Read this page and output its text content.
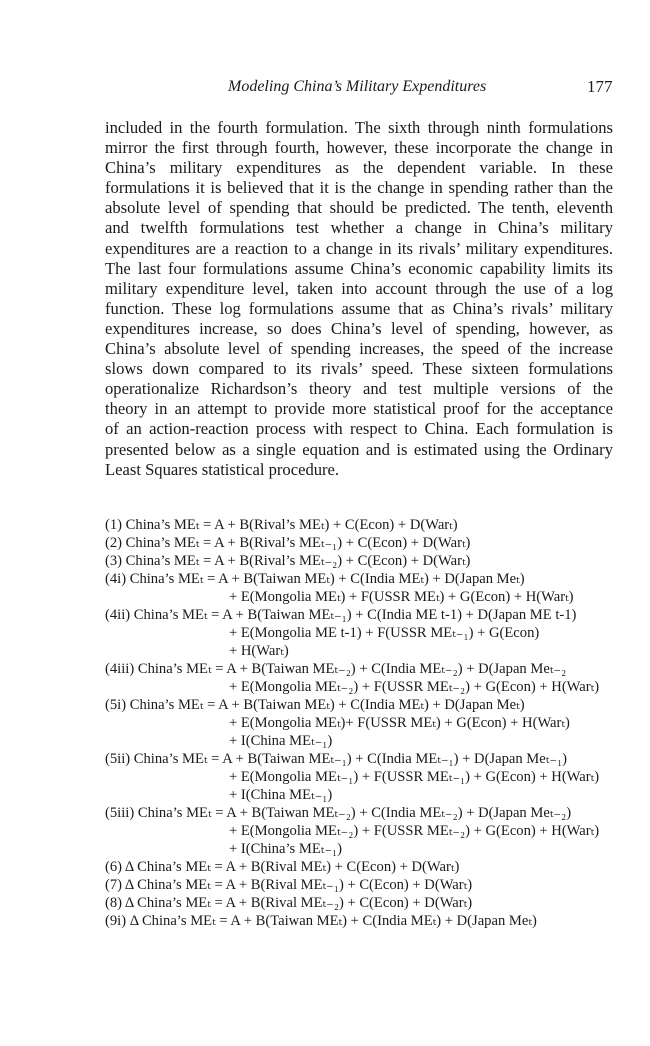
Modeling China’s Military Expenditures	177
included in the fourth formulation. The sixth through ninth formulations
mirror the first through fourth, however, these incorporate the change in
China’s military expenditures as the dependent variable. In these
formulations it is believed that it is the change in spending rather than the
absolute level of spending that should be predicted. The tenth, eleventh
and twelfth formulations test whether a change in China’s military
expenditures are a reaction to a change in its rivals’ military expenditures.
The last four formulations assume China’s economic capability limits its
military expenditure level, taken into account through the use of a log
function. These log formulations assume that as China’s rivals’ military
expenditures increase, so does China’s level of spending, however, as
China’s absolute level of spending increases, the speed of the increase
slows down compared to its rivals’ speed. These sixteen formulations
operationalize Richardson’s theory and test multiple versions of the
theory in an attempt to provide more statistical proof for the acceptance
of an action-reaction process with respect to China. Each formulation is
presented below as a single equation and is estimated using the Ordinary
Least Squares statistical procedure.
(1) China’s MEₜ = A + B(Rival’s MEₜ) + C(Econ) + D(Warₜ)
(2) China’s MEₜ = A + B(Rival’s MEₜ₋₁) + C(Econ) + D(Warₜ)
(3) China’s MEₜ = A + B(Rival’s MEₜ₋₂) + C(Econ) + D(Warₜ)
(4i) China’s MEₜ = A + B(Taiwan MEₜ) + C(India MEₜ) + D(Japan Meₜ)
+ E(Mongolia MEₜ) + F(USSR MEₜ) + G(Econ) + H(Warₜ)
(4ii) China’s MEₜ = A + B(Taiwan MEₜ₋₁) + C(India ME t-1) + D(Japan ME t-1)
+ E(Mongolia ME t-1) + F(USSR MEₜ₋₁) + G(Econ)
+ H(Warₜ)
(4iii) China’s MEₜ = A + B(Taiwan MEₜ₋₂) + C(India MEₜ₋₂) + D(Japan Meₜ₋₂
+ E(Mongolia MEₜ₋₂) + F(USSR MEₜ₋₂) + G(Econ) + H(Warₜ)
(5i) China’s MEₜ = A + B(Taiwan MEₜ) + C(India MEₜ) + D(Japan Meₜ)
+ E(Mongolia MEₜ)+ F(USSR MEₜ) + G(Econ) + H(Warₜ)
+ I(China MEₜ₋₁)
(5ii) China’s MEₜ = A + B(Taiwan MEₜ₋₁) + C(India MEₜ₋₁) + D(Japan Meₜ₋₁)
+ E(Mongolia MEₜ₋₁) + F(USSR MEₜ₋₁) + G(Econ) + H(Warₜ)
+ I(China MEₜ₋₁)
(5iii) China’s MEₜ = A + B(Taiwan MEₜ₋₂) + C(India MEₜ₋₂) + D(Japan Meₜ₋₂)
+ E(Mongolia MEₜ₋₂) + F(USSR MEₜ₋₂) + G(Econ) + H(Warₜ)
+ I(China’s MEₜ₋₁)
(6) Δ China’s MEₜ = A + B(Rival MEₜ) + C(Econ) + D(Warₜ)
(7) Δ China’s MEₜ = A + B(Rival MEₜ₋₁) + C(Econ) + D(Warₜ)
(8) Δ China’s MEₜ = A + B(Rival MEₜ₋₂) + C(Econ) + D(Warₜ)
(9i) Δ China’s MEₜ = A + B(Taiwan MEₜ) + C(India MEₜ) + D(Japan Meₜ)
